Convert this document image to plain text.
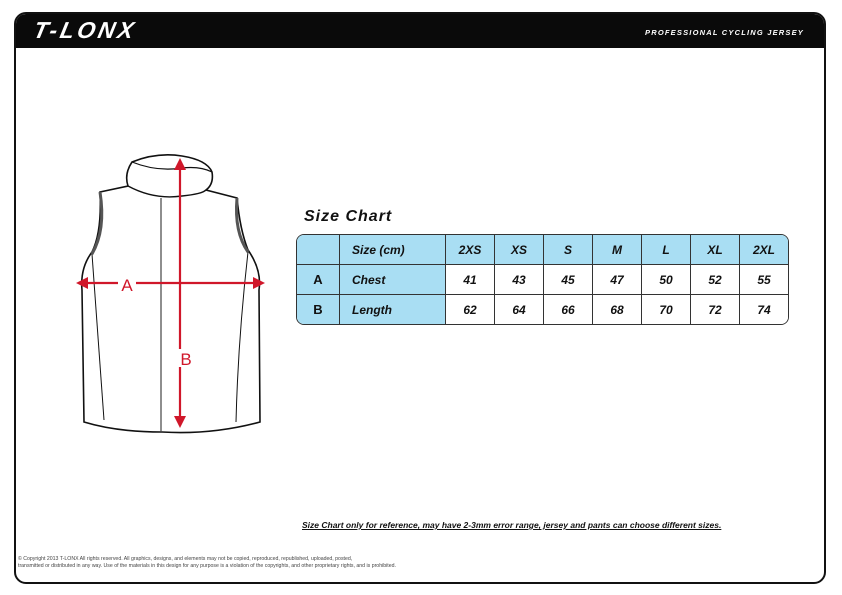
T-LONX	PROFESSIONAL CYCLING JERSEY
A
B
Size Chart
	Size (cm)	2XS	XS	S	M	L	XL	2XL
A	Chest	41	43	45	47	50	52	55
B	Length	62	64	66	68	70	72	74
Size Chart only for reference, may have 2-3mm error range, jersey and pants can choose different sizes.
© Copyright 2013 T-LONX All rights reserved. All graphics, designs, and elements may not be copied, reproduced, republished, uploaded, posted,
transmitted or distributed in any way. Use of the materials in this design for any purpose is a violation of the copyrights, and other proprietary rights, and is prohibited.
